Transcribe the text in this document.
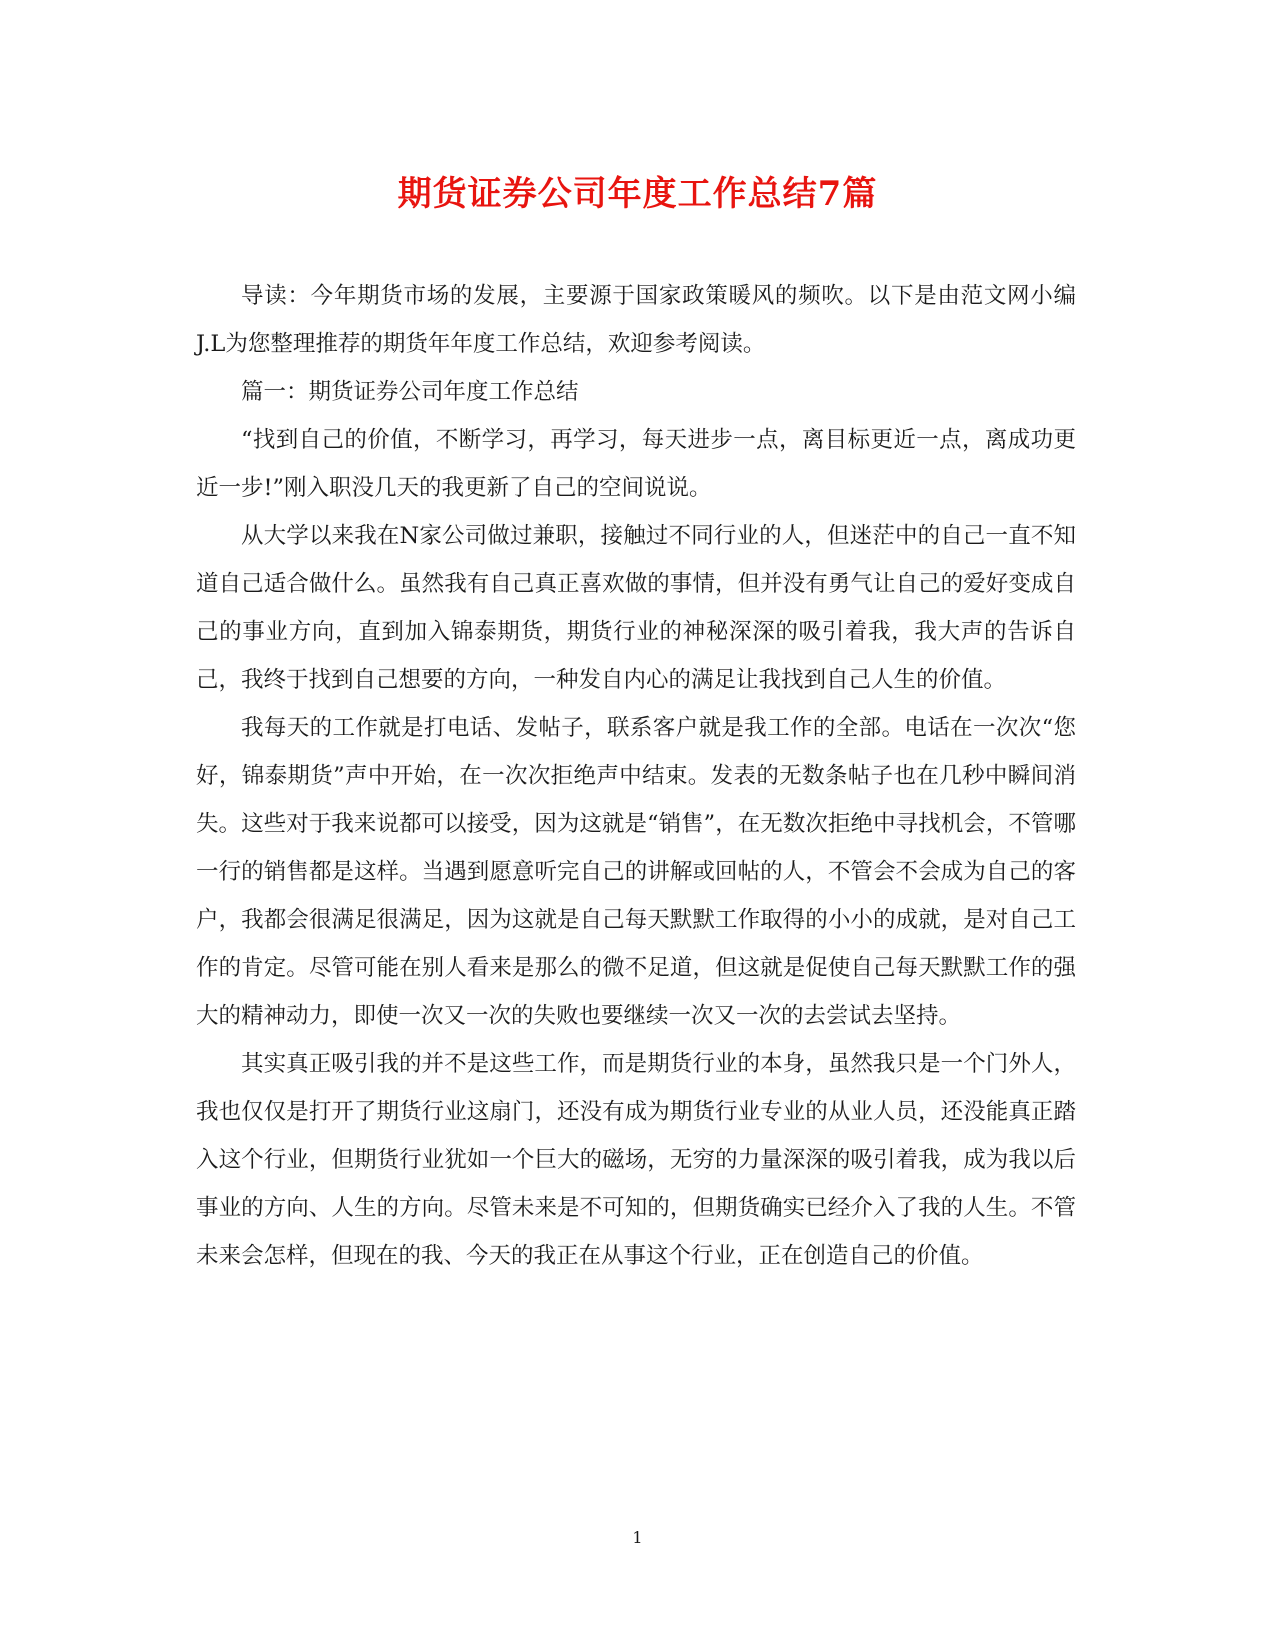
期货证券公司年度工作总结7篇

导读：今年期货市场的发展，主要源于国家政策暖风的频吹。以下是由范文网小编J.L为您整理推荐的期货年年度工作总结，欢迎参考阅读。

篇一：期货证券公司年度工作总结

“找到自己的价值，不断学习，再学习，每天进步一点，离目标更近一点，离成功更近一步!”刚入职没几天的我更新了自己的空间说说。

从大学以来我在N家公司做过兼职，接触过不同行业的人，但迷茫中的自己一直不知道自己适合做什么。虽然我有自己真正喜欢做的事情，但并没有勇气让自己的爱好变成自己的事业方向，直到加入锦泰期货，期货行业的神秘深深的吸引着我，我大声的告诉自己，我终于找到自己想要的方向，一种发自内心的满足让我找到自己人生的价值。

我每天的工作就是打电话、发帖子，联系客户就是我工作的全部。电话在一次次“您好，锦泰期货”声中开始，在一次次拒绝声中结束。发表的无数条帖子也在几秒中瞬间消失。这些对于我来说都可以接受，因为这就是“销售”，在无数次拒绝中寻找机会，不管哪一行的销售都是这样。当遇到愿意听完自己的讲解或回帖的人，不管会不会成为自己的客户，我都会很满足很满足，因为这就是自己每天默默工作取得的小小的成就，是对自己工作的肯定。尽管可能在别人看来是那么的微不足道，但这就是促使自己每天默默工作的强大的精神动力，即使一次又一次的失败也要继续一次又一次的去尝试去坚持。

其实真正吸引我的并不是这些工作，而是期货行业的本身，虽然我只是一个门外人，我也仅仅是打开了期货行业这扇门，还没有成为期货行业专业的从业人员，还没能真正踏入这个行业，但期货行业犹如一个巨大的磁场，无穷的力量深深的吸引着我，成为我以后事业的方向、人生的方向。尽管未来是不可知的，但期货确实已经介入了我的人生。不管未来会怎样，但现在的我、今天的我正在从事这个行业，正在创造自己的价值。

1
